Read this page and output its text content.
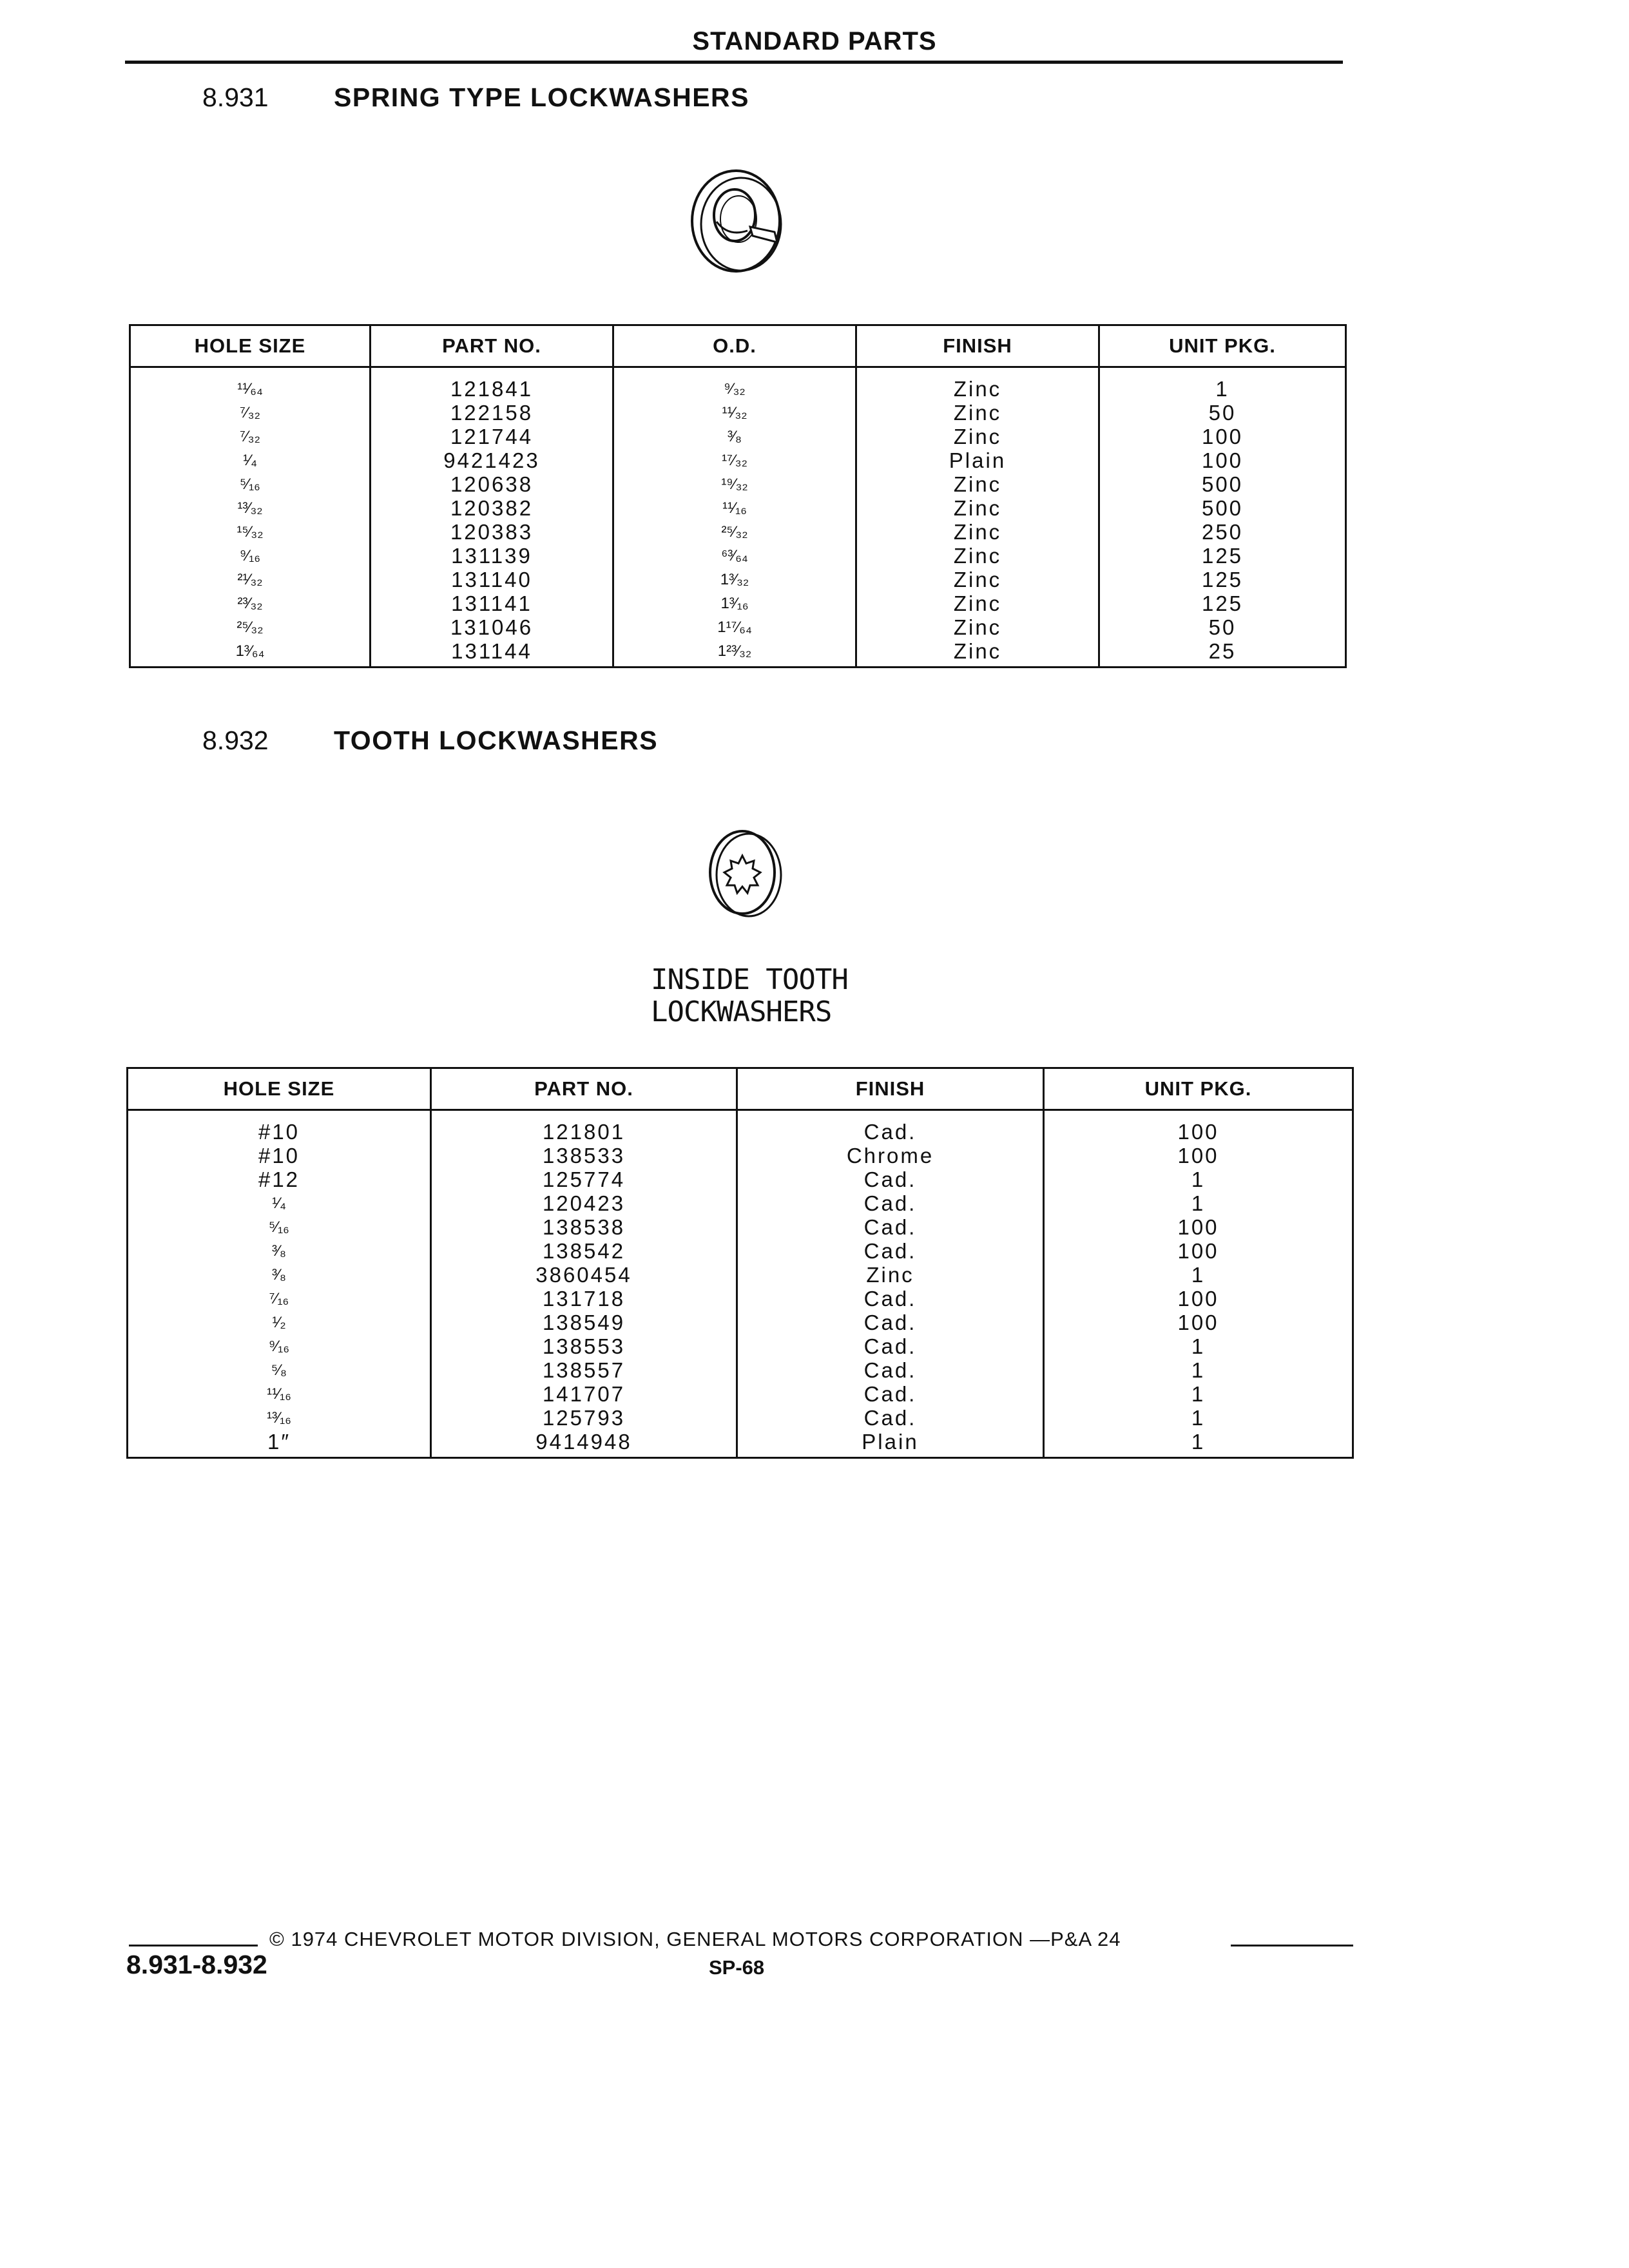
STANDARD PARTS
8.931 SPRING TYPE LOCKWASHERS
HOLE SIZE	PART NO.	O.D.	FINISH	UNIT PKG.

¹¹⁄₆₄	121841	⁹⁄₃₂	Zinc	1
⁷⁄₃₂	122158	¹¹⁄₃₂	Zinc	50
⁷⁄₃₂	121744	³⁄₈	Zinc	100
¹⁄₄	9421423	¹⁷⁄₃₂	Plain	100
⁵⁄₁₆	120638	¹⁹⁄₃₂	Zinc	500
¹³⁄₃₂	120382	¹¹⁄₁₆	Zinc	500
¹⁵⁄₃₂	120383	²⁵⁄₃₂	Zinc	250
⁹⁄₁₆	131139	⁶³⁄₆₄	Zinc	125
²¹⁄₃₂	131140	1³⁄₃₂	Zinc	125
²³⁄₃₂	131141	1³⁄₁₆	Zinc	125
²⁵⁄₃₂	131046	1¹⁷⁄₆₄	Zinc	50
1³⁄₆₄	131144	1²³⁄₃₂	Zinc	25
8.932 TOOTH LOCKWASHERS
INSIDE TOOTH
LOCKWASHERS
HOLE SIZE	PART NO.	FINISH	UNIT PKG.

#10	121801	Cad.	100
#10	138533	Chrome	100
#12	125774	Cad.	1
¹⁄₄	120423	Cad.	1
⁵⁄₁₆	138538	Cad.	100
³⁄₈	138542	Cad.	100
³⁄₈	3860454	Zinc	1
⁷⁄₁₆	131718	Cad.	100
¹⁄₂	138549	Cad.	100
⁹⁄₁₆	138553	Cad.	1
⁵⁄₈	138557	Cad.	1
¹¹⁄₁₆	141707	Cad.	1
¹³⁄₁₆	125793	Cad.	1
1″	9414948	Plain	1
© 1974 CHEVROLET MOTOR DIVISION, GENERAL MOTORS CORPORATION —P&A 24
8.931-8.932	SP-68
